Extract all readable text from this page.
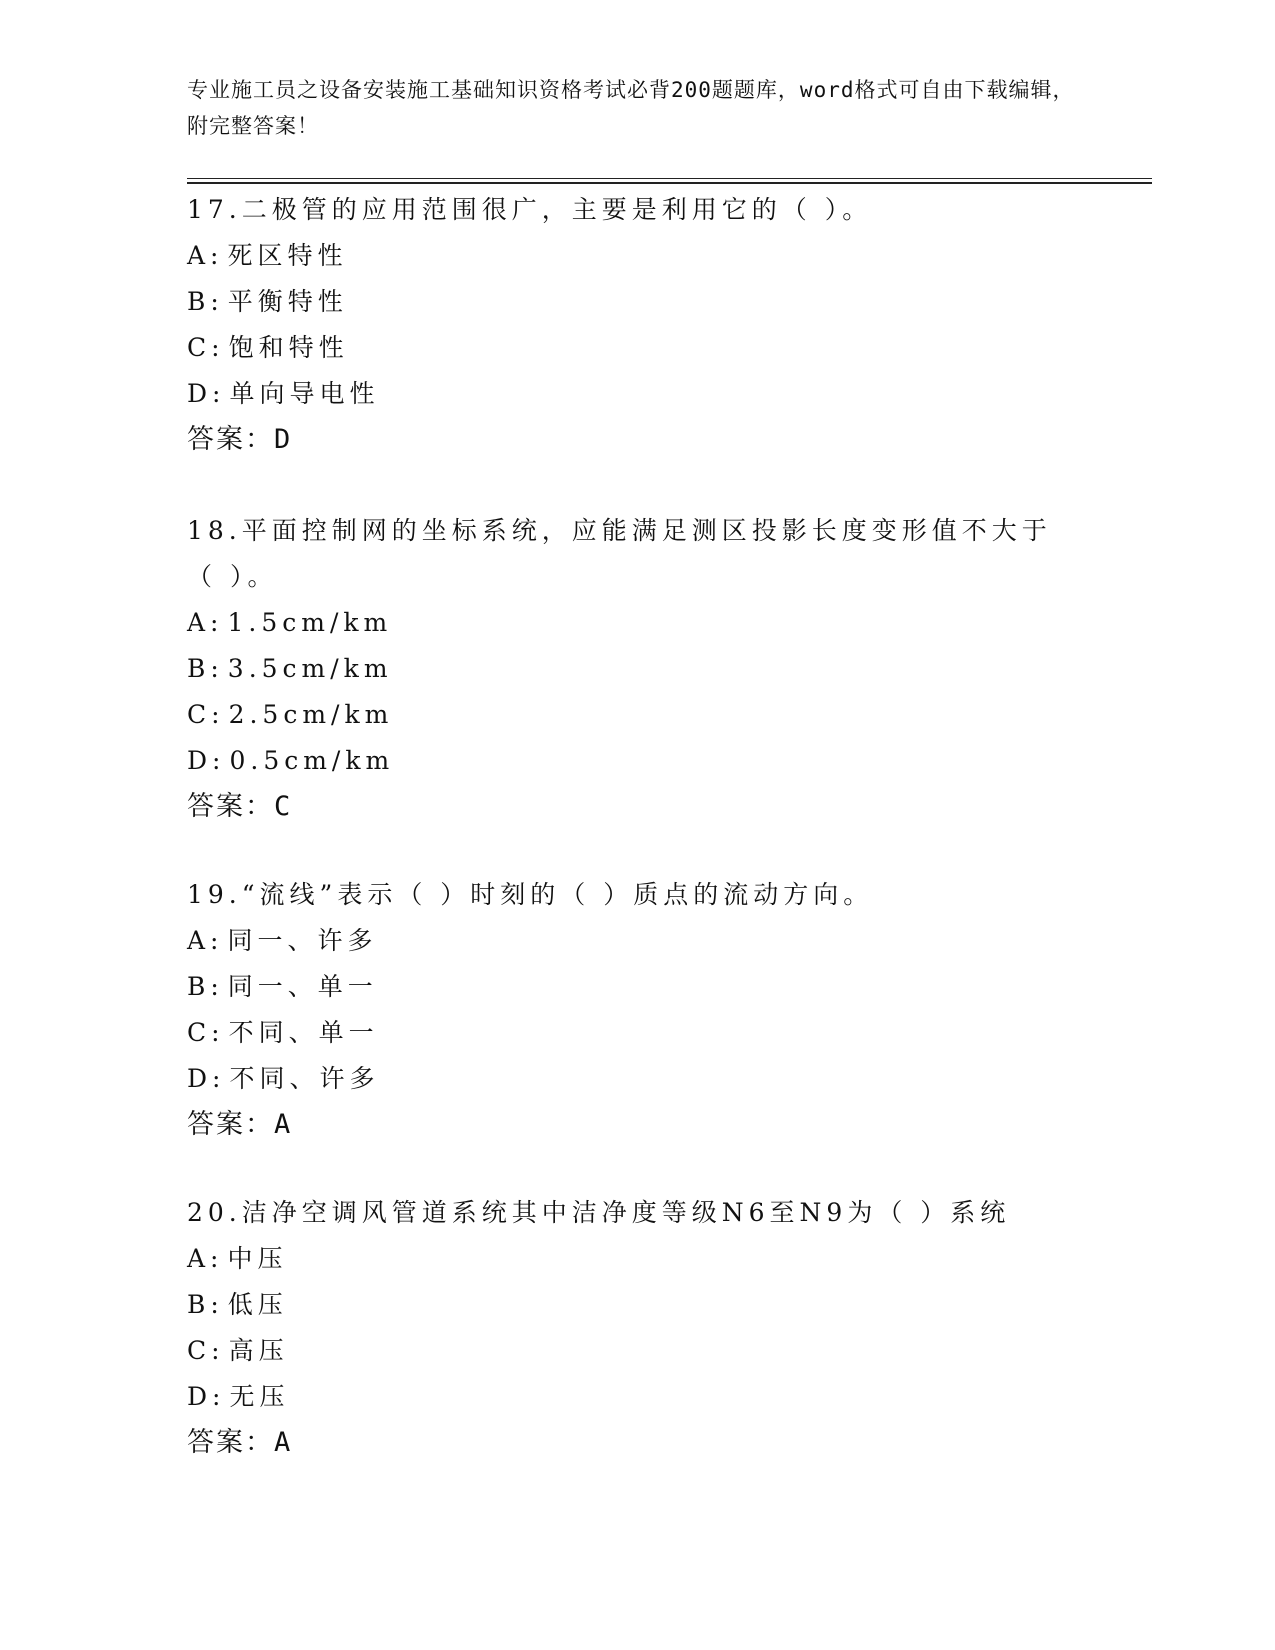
专业施工员之设备安装施工基础知识资格考试必背200题题库，word格式可自由下载编辑，附完整答案！

17.二极管的应用范围很广，主要是利用它的（ ）。

A: 死区特性

B: 平衡特性

C: 饱和特性

D: 单向导电性

答案：D

18.平面控制网的坐标系统，应能满足测区投影长度变形值不大于（ ）。

A: 1.5cm/km

B: 3.5cm/km

C: 2.5cm/km

D: 0.5cm/km

答案：C

19.“流线”表示（ ）时刻的（ ）质点的流动方向。

A: 同一、许多

B: 同一、单一

C: 不同、单一

D: 不同、许多

答案：A

20.洁净空调风管道系统其中洁净度等级N6至N9为（ ）系统

A: 中压

B: 低压

C: 高压

D: 无压

答案：A
